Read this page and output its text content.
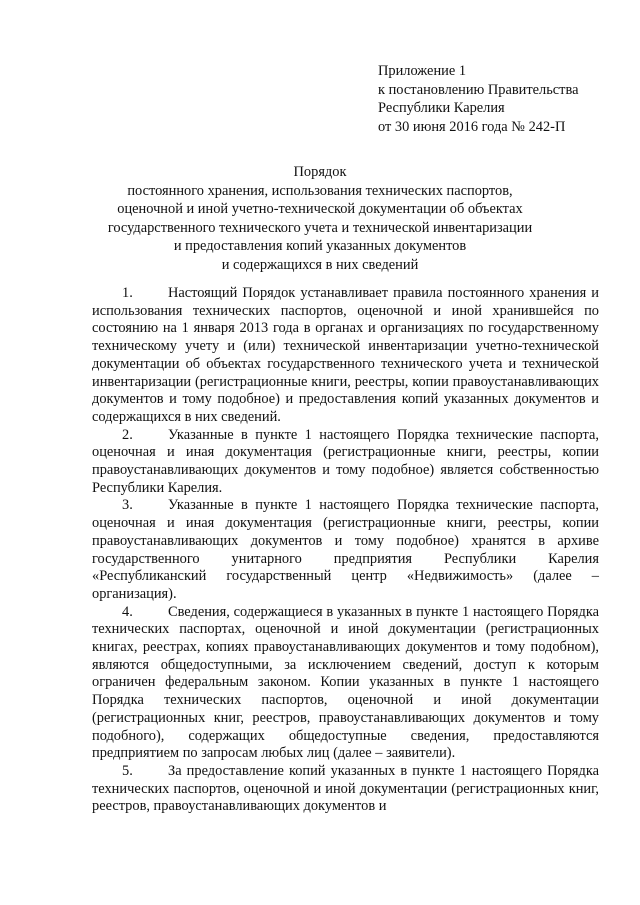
Приложение 1
к постановлению Правительства
Республики Карелия
от 30 июня 2016 года № 242-П
Порядок
постоянного хранения, использования технических паспортов,
оценочной и иной учетно-технической документации об объектах
государственного технического учета и технической инвентаризации
и предоставления копий указанных документов
и содержащихся в них сведений

1. Настоящий Порядок устанавливает правила постоянного хранения и использования технических паспортов, оценочной и иной хранившейся по состоянию на 1 января 2013 года в органах и организациях по государственному техническому учету и (или) технической инвентаризации учетно-технической документации об объектах государственного технического учета и технической инвентаризации (регистрационные книги, реестры, копии правоустанавливающих документов и тому подобное) и предоставления копий указанных документов и содержащихся в них сведений.

2. Указанные в пункте 1 настоящего Порядка технические паспорта, оценочная и иная документация (регистрационные книги, реестры, копии правоустанавливающих документов и тому подобное) является собственностью Республики Карелия.

3. Указанные в пункте 1 настоящего Порядка технические паспорта, оценочная и иная документация (регистрационные книги, реестры, копии правоустанавливающих документов и тому подобное) хранятся в архиве государственного унитарного предприятия Республики Карелия «Республиканский государственный центр «Недвижимость» (далее – организация).

4. Сведения, содержащиеся в указанных в пункте 1 настоящего Порядка технических паспортах, оценочной и иной документации (регистрационных книгах, реестрах, копиях правоустанавливающих документов и тому подобном), являются общедоступными, за исключением сведений, доступ к которым ограничен федеральным законом. Копии указанных в пункте 1 настоящего Порядка технических паспортов, оценочной и иной документации (регистрационных книг, реестров, правоустанавливающих документов и тому подобного), содержащих общедоступные сведения, предоставляются предприятием по запросам любых лиц (далее – заявители).

5. За предоставление копий указанных в пункте 1 настоящего Порядка технических паспортов, оценочной и иной документации (регистрационных книг, реестров, правоустанавливающих документов и
